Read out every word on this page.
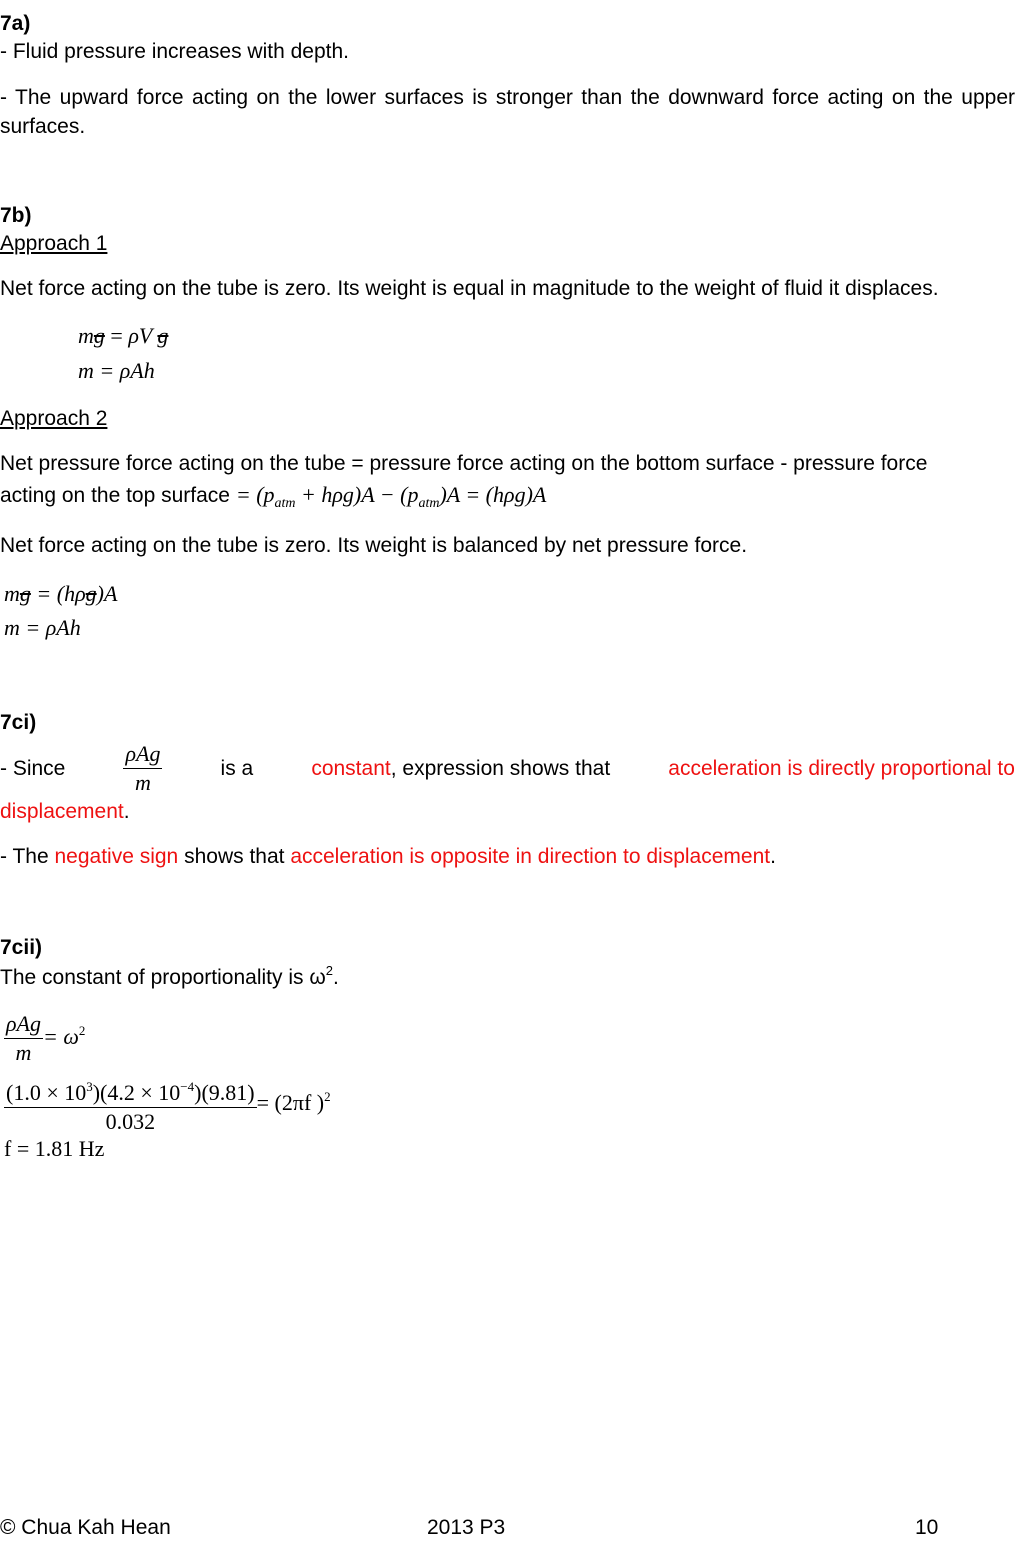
7a)
- Fluid pressure increases with depth.
- The upward force acting on the lower surfaces is stronger than the downward force acting on the upper surfaces.
7b)
Approach 1
Net force acting on the tube is zero. Its weight is equal in magnitude to the weight of fluid it displaces.
mg = ρV g
m = ρAh
Approach 2
Net pressure force acting on the tube = pressure force acting on the bottom surface - pressure force
acting on the top surface = $(p_{atm} + h\rho g)A - (p_{atm})A = (h\rho g)A$
Net force acting on the tube is zero. Its weight is balanced by net pressure force.
mg = (hρg)A
m = ρAh
7ci)
- Since	$\frac{\text{ρAg}}{m}$	is a	constant, expression shows that	acceleration is directly proportional to
displacement.
- The negative sign shows that acceleration is opposite in direction to displacement.
7cii)
The constant of proportionality is $\omega^2$.
$\frac{\text{ρAg}}{m} = \omega^2$
$\frac{(1.0 \times 10^3)(4.2 \times 10^{-4})(9.81)}{0.032} = (2\pi f$ )$^2$
f = 1.81 Hz
© Chua Kah Hean	2013 P3	10
